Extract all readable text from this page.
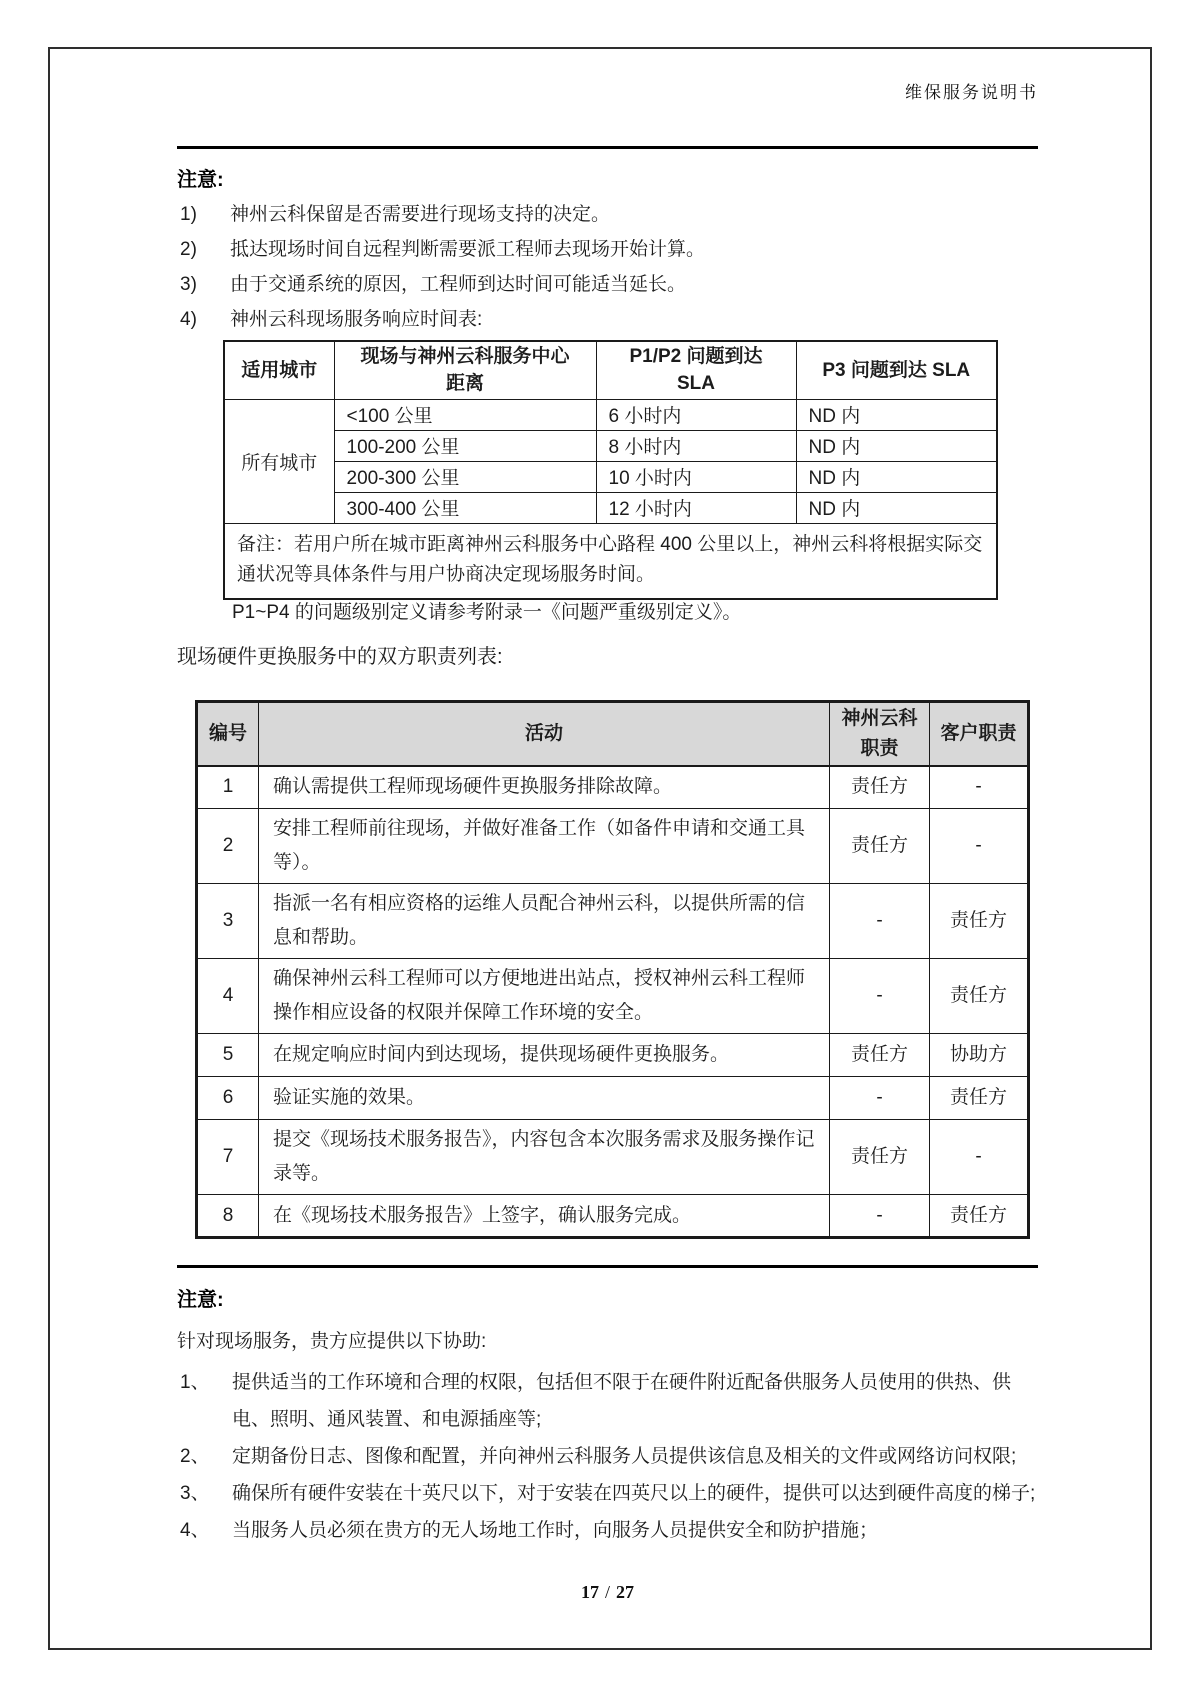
维保服务说明书
注意:
1)	神州云科保留是否需要进行现场支持的决定。
2)	抵达现场时间自远程判断需要派工程师去现场开始计算。
3)	由于交通系统的原因，工程师到达时间可能适当延长。
4)	神州云科现场服务响应时间表:
适用城市	现场与神州云科服务中心距离	P1/P2 问题到达 SLA	P3 问题到达 SLA
所有城市	<100 公里	6 小时内	ND 内
	100-200 公里	8 小时内	ND 内
	200-300 公里	10 小时内	ND 内
	300-400 公里	12 小时内	ND 内
备注：若用户所在城市距离神州云科服务中心路程 400 公里以上，神州云科将根据实际交通状况等具体条件与用户协商决定现场服务时间。			
P1~P4 的问题级别定义请参考附录一《问题严重级别定义》。
现场硬件更换服务中的双方职责列表:
编号	活动	神州云科职责	客户职责
1	确认需提供工程师现场硬件更换服务排除故障。	责任方	-
2	安排工程师前往现场，并做好准备工作（如备件申请和交通工具等）。	责任方	-
3	指派一名有相应资格的运维人员配合神州云科，以提供所需的信息和帮助。	-	责任方
4	确保神州云科工程师可以方便地进出站点，授权神州云科工程师操作相应设备的权限并保障工作环境的安全。	-	责任方
5	在规定响应时间内到达现场，提供现场硬件更换服务。	责任方	协助方
6	验证实施的效果。	-	责任方
7	提交《现场技术服务报告》，内容包含本次服务需求及服务操作记录等。	责任方	-
8	在《现场技术服务报告》上签字，确认服务完成。	-	责任方
注意:
针对现场服务，贵方应提供以下协助:
1、	提供适当的工作环境和合理的权限，包括但不限于在硬件附近配备供服务人员使用的供热、供电、照明、通风装置、和电源插座等;
2、	定期备份日志、图像和配置，并向神州云科服务人员提供该信息及相关的文件或网络访问权限;
3、	确保所有硬件安装在十英尺以下，对于安装在四英尺以上的硬件，提供可以达到硬件高度的梯子;
4、	当服务人员必须在贵方的无人场地工作时，向服务人员提供安全和防护措施；
17 / 27
